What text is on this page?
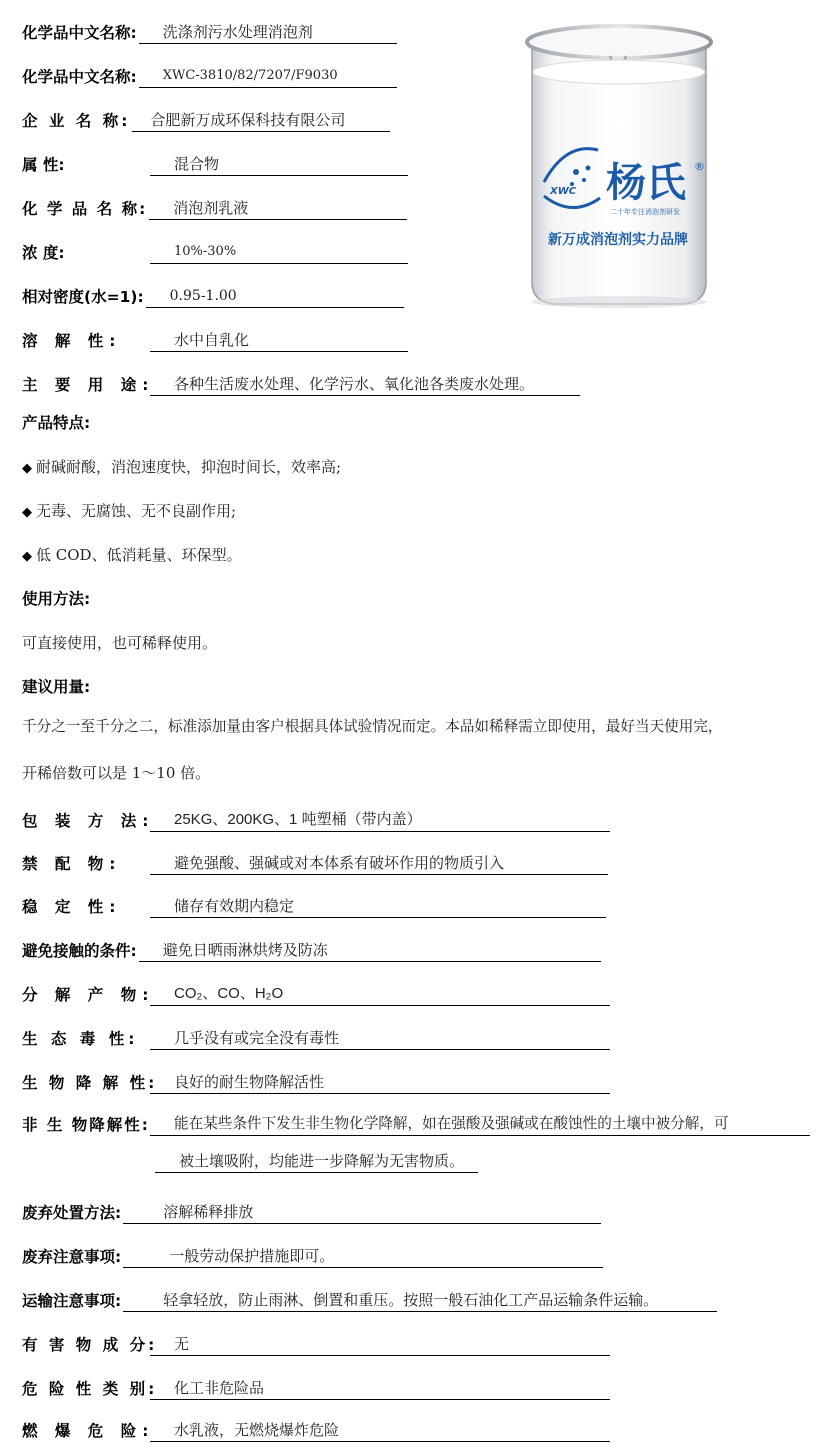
化学品中文名称:	洗涤剂污水处理消泡剂
化学品中文名称:	XWC-3810/82/7207/F9030
企 业 名 称:	合肥新万成环保科技有限公司
属 性:	混合物
化 学 品 名 称:	消泡剂乳液
浓 度:	10%-30%
相对密度(水=1):	0.95-1.00
溶 解 性:	水中自乳化
主 要 用 途:	各种生活废水处理、化学污水、氧化池各类废水处理。
XWC 杨氏 ®
二十年专注消泡剂研发
新万成消泡剂实力品牌
产品特点:
◆ 耐碱耐酸，消泡速度快，抑泡时间长，效率高;
◆ 无毒、无腐蚀、无不良副作用;
◆ 低 COD、低消耗量、环保型。
使用方法:
可直接使用，也可稀释使用。
建议用量:
千分之一至千分之二，标准添加量由客户根据具体试验情况而定。本品如稀释需立即使用，最好当天使用完，
开稀倍数可以是 1～10 倍。
包 装 方 法:	25KG、200KG、1 吨塑桶（带内盖）
禁 配 物:	避免强酸、强碱或对本体系有破坏作用的物质引入
稳 定 性:	储存有效期内稳定
避免接触的条件:	避免日晒雨淋烘烤及防冻
分 解 产 物:	CO₂、CO、H₂O
生 态 毒 性:	几乎没有或完全没有毒性
生 物 降 解 性:	良好的耐生物降解活性
非 生 物降解性:	能在某些条件下发生非生物化学降解，如在强酸及强碱或在酸蚀性的土壤中被分解，可
被土壤吸附，均能进一步降解为无害物质。
废弃处置方法:	溶解稀释排放
废弃注意事项:	一般劳动保护措施即可。
运输注意事项:	轻拿轻放，防止雨淋、倒置和重压。按照一般石油化工产品运输条件运输。
有 害 物 成 分:	无
危 险 性 类 别:	化工非危险品
燃 爆 危 险:	水乳液，无燃烧爆炸危险
